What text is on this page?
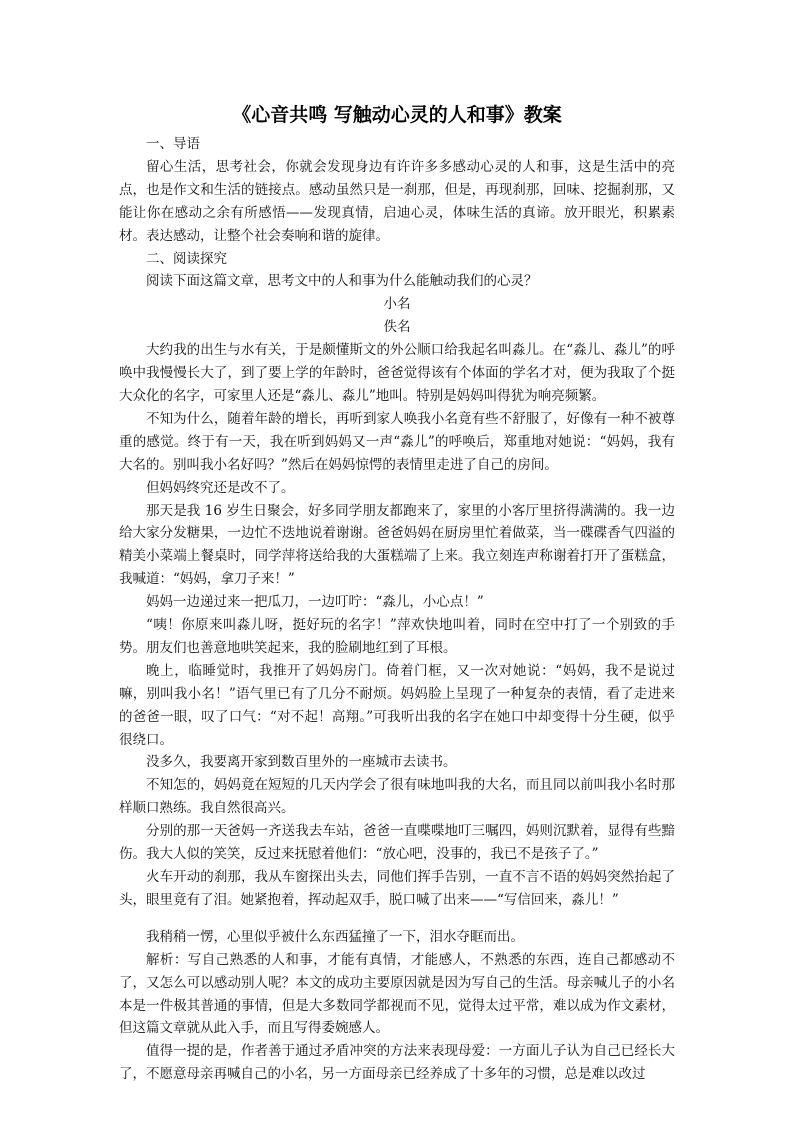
《心音共鸣 写触动心灵的人和事》教案

一、导语

留心生活，思考社会，你就会发现身边有许许多多感动心灵的人和事，这是生活中的亮点，也是作文和生活的链接点。感动虽然只是一刹那，但是，再现刹那，回味、挖掘刹那，又能让你在感动之余有所感悟——发现真情，启迪心灵，体味生活的真谛。放开眼光，积累素材。表达感动，让整个社会奏响和谐的旋律。

二、阅读探究

阅读下面这篇文章，思考文中的人和事为什么能触动我们的心灵？

小名

佚名

大约我的出生与水有关，于是颇懂斯文的外公顺口给我起名叫淼儿。在“淼儿、淼儿”的呼唤中我慢慢长大了，到了要上学的年龄时，爸爸觉得该有个体面的学名才对，便为我取了个挺大众化的名字，可家里人还是“淼儿、淼儿”地叫。特别是妈妈叫得犹为响亮频繁。

不知为什么，随着年龄的增长，再听到家人唤我小名竟有些不舒服了，好像有一种不被尊重的感觉。终于有一天，我在听到妈妈又一声“淼儿”的呼唤后，郑重地对她说：“妈妈，我有大名的。别叫我小名好吗？”然后在妈妈惊愕的表情里走进了自己的房间。

但妈妈终究还是改不了。

那天是我 16 岁生日聚会，好多同学朋友都跑来了，家里的小客厅里挤得满满的。我一边给大家分发糖果，一边忙不迭地说着谢谢。爸爸妈妈在厨房里忙着做菜，当一碟碟香气四溢的精美小菜端上餐桌时，同学萍将送给我的大蛋糕端了上来。我立刻连声称谢着打开了蛋糕盒，我喊道：“妈妈，拿刀子来！”

妈妈一边递过来一把瓜刀，一边叮咛：“淼儿，小心点！”

“咦！你原来叫淼儿呀，挺好玩的名字！”萍欢快地叫着，同时在空中打了一个别致的手势。朋友们也善意地哄笑起来，我的脸刷地红到了耳根。

晚上，临睡觉时，我推开了妈妈房门。倚着门框，又一次对她说：“妈妈，我不是说过嘛，别叫我小名！”语气里已有了几分不耐烦。妈妈脸上呈现了一种复杂的表情，看了走进来的爸爸一眼，叹了口气：“对不起！高翔。”可我听出我的名字在她口中却变得十分生硬，似乎很绕口。

没多久，我要离开家到数百里外的一座城市去读书。

不知怎的，妈妈竟在短短的几天内学会了很有味地叫我的大名，而且同以前叫我小名时那样顺口熟练。我自然很高兴。

分别的那一天爸妈一齐送我去车站，爸爸一直喋喋地叮三嘱四，妈则沉默着，显得有些黯伤。我大人似的笑笑，反过来抚慰着他们：“放心吧，没事的，我已不是孩子了。”

火车开动的刹那，我从车窗探出头去，同他们挥手告别，一直不言不语的妈妈突然抬起了头，眼里竟有了泪。她紧抱着，挥动起双手，脱口喊了出来——“写信回来，淼儿！”

我稍稍一愣，心里似乎被什么东西猛撞了一下，泪水夺眶而出。

解析：写自己熟悉的人和事，才能有真情，才能感人，不熟悉的东西，连自己都感动不了，又怎么可以感动别人呢？本文的成功主要原因就是因为写自己的生活。母亲喊儿子的小名本是一件极其普通的事情，但是大多数同学都视而不见，觉得太过平常，难以成为作文素材，但这篇文章就从此入手，而且写得委婉感人。

值得一提的是，作者善于通过矛盾冲突的方法来表现母爱：一方面儿子认为自己已经长大了，不愿意母亲再喊自己的小名，另一方面母亲已经养成了十多年的习惯，总是难以改过
